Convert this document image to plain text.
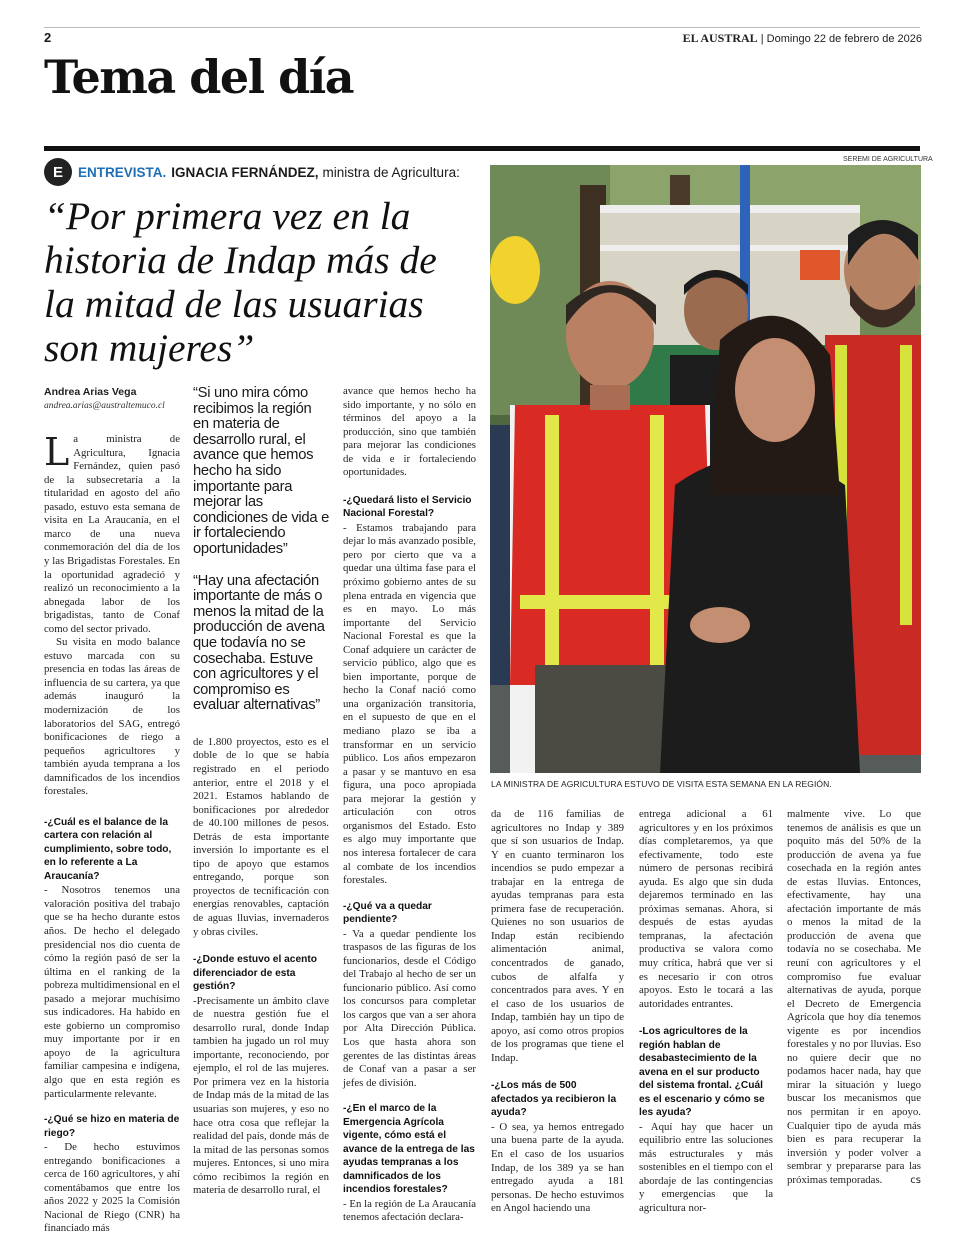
2	EL AUSTRAL | Domingo 22 de febrero de 2026
Tema del día
E	ENTREVISTA. IGNACIA FERNÁNDEZ, ministra de Agricultura:
“Por primera vez en la historia de Indap más de la mitad de las usuarias son mujeres”
SEREMI DE AGRICULTURA
LA MINISTRA DE AGRICULTURA ESTUVO DE VISITA ESTA SEMANA EN LA REGIÓN.
Andrea Arias Vega
andrea.arias@australtemuco.cl

La ministra de Agricultura, Ignacia Fernández, quien pasó de la subsecretaría a la titularidad en agosto del año pasado, estuvo esta semana de visita en La Araucanía, en el marco de una nueva conmemoración del día de los y las Brigadistas Forestales. En la oportunidad agradeció y realizó un reconocimiento a la abnegada labor de los brigadistas, tanto de Conaf como del sector privado.

Su visita en modo balance estuvo marcada con su presencia en todas las áreas de influencia de su cartera, ya que además inauguró la modernización de los laboratorios del SAG, entregó bonificaciones de riego a pequeños agricultores y también ayuda temprana a los damnificados de los incendios forestales.

-¿Cuál es el balance de la cartera con relación al cumplimiento, sobre todo, en lo referente a La Araucanía?

- Nosotros tenemos una valoración positiva del trabajo que se ha hecho durante estos años. De hecho el delegado presidencial nos dio cuenta de cómo la región pasó de ser la última en el ranking de la pobreza multidimensional en el pasado a mejorar muchísimo sus indicadores. Ha habido en este gobierno un compromiso muy importante por ir en apoyo de la agricultura familiar campesina e indígena, algo que en esta región es particularmente relevante.

-¿Qué se hizo en materia de riego?

- De hecho estuvimos entregando bonificaciones a cerca de 160 agricultores, y ahí comentábamos que entre los años 2022 y 2025 la Comisión Nacional de Riego (CNR) ha financiado más

“Si uno mira cómo recibimos la región en materia de desarrollo rural, el avance que hemos hecho ha sido importante para mejorar las condiciones de vida e ir fortaleciendo oportunidades”

“Hay una afectación importante de más o menos la mitad de la producción de avena que todavía no se cosechaba. Estuve con agricultores y el compromiso es evaluar alternativas”

de 1.800 proyectos, esto es el doble de lo que se había registrado en el periodo anterior, entre el 2018 y el 2021. Estamos hablando de bonificaciones por alrededor de 40.100 millones de pesos. Detrás de esta importante inversión lo importante es el tipo de apoyo que estamos entregando, porque son proyectos de tecnificación con energías renovables, captación de aguas lluvias, invernaderos y obras civiles.

-¿Donde estuvo el acento diferenciador de esta gestión?

-Precisamente un ámbito clave de nuestra gestión fue el desarrollo rural, donde Indap tambien ha jugado un rol muy importante, reconociendo, por ejemplo, el rol de las mujeres. Por primera vez en la historia de Indap más de la mitad de las usuarias son mujeres, y eso no hace otra cosa que reflejar la realidad del país, donde más de la mitad de las personas somos mujeres. Entonces, si uno mira cómo recibimos la región en materia de desarrollo rural, el

avance que hemos hecho ha sido importante, y no sólo en términos del apoyo a la producción, sino que también para mejorar las condiciones de vida e ir fortaleciendo oportunidades.

-¿Quedará listo el Servicio Nacional Forestal?

- Estamos trabajando para dejar lo más avanzado posible, pero por cierto que va a quedar una última fase para el próximo gobierno antes de su plena entrada en vigencia que es en mayo. Lo más importante del Servicio Nacional Forestal es que la Conaf adquiere un carácter de servicio público, algo que es bien importante, porque de hecho la Conaf nació como una organización transitoria, en el supuesto de que en el mediano plazo se iba a transformar en un servicio público. Los años empezaron a pasar y se mantuvo en esa figura, una poco apropiada para mejorar la gestión y articulación con otros organismos del Estado. Esto es algo muy importante que nos interesa fortalecer de cara al combate de los incendios forestales.

-¿Qué va a quedar pendiente?

- Va a quedar pendiente los traspasos de las figuras de los funcionarios, desde el Código del Trabajo al hecho de ser un funcionario público. Así como los concursos para completar los cargos que van a ser ahora por Alta Dirección Pública. Los que hasta ahora son gerentes de las distintas áreas de Conaf van a pasar a ser jefes de división.

-¿En el marco de la Emergencia Agrícola vigente, cómo está el avance de la entrega de las ayudas tempranas a los damnificados de los incendios forestales?

- En la región de La Araucanía tenemos afectación declara-

da de 116 familias de agricultores no Indap y 389 que sí son usuarios de Indap. Y en cuanto terminaron los incendios se pudo empezar a trabajar en la entrega de ayudas tempranas para esta primera fase de recuperación. Quienes no son usuarios de Indap están recibiendo alimentación animal, concentrados de ganado, cubos de alfalfa y concentrados para aves. Y en el caso de los usuarios de Indap, también hay un tipo de apoyo, así como otros propios de los programas que tiene el Indap.

-¿Los más de 500 afectados ya recibieron la ayuda?

- O sea, ya hemos entregado una buena parte de la ayuda. En el caso de los usuarios Indap, de los 389 ya se han entregado ayuda a 181 personas. De hecho estuvimos en Angol haciendo una

entrega adicional a 61 agricultores y en los próximos días completaremos, ya que efectivamente, todo este número de personas recibirá ayuda. Es algo que sin duda dejaremos terminado en las próximas semanas. Ahora, si después de estas ayudas tempranas, la afectación productiva se valora como muy crítica, habrá que ver si es necesario ir con otros apoyos. Esto le tocará a las autoridades entrantes.

-Los agricultores de la región hablan de desabastecimiento de la avena en el sur producto del sistema frontal. ¿Cuál es el escenario y cómo se les ayuda?

- Aquí hay que hacer un equilibrio entre las soluciones más estructurales y más sostenibles en el tiempo con el abordaje de las contingencias y emergencias que la agricultura nor-

malmente vive. Lo que tenemos de análisis es que un poquito más del 50% de la producción de avena ya fue cosechada en la región antes de estas lluvias. Entonces, efectivamente, hay una afectación importante de más o menos la mitad de la producción de avena que todavía no se cosechaba. Me reuní con agricultores y el compromiso fue evaluar alternativas de ayuda, porque el Decreto de Emergencia Agrícola que hoy día tenemos vigente es por incendios forestales y no por lluvias. Eso no quiere decir que no podamos hacer nada, hay que mirar la situación y luego buscar los mecanismos que nos permitan ir en apoyo. Cualquier tipo de ayuda más bien es para recuperar la inversión y poder volver a sembrar y prepararse para las próximas temporadas.	cs
